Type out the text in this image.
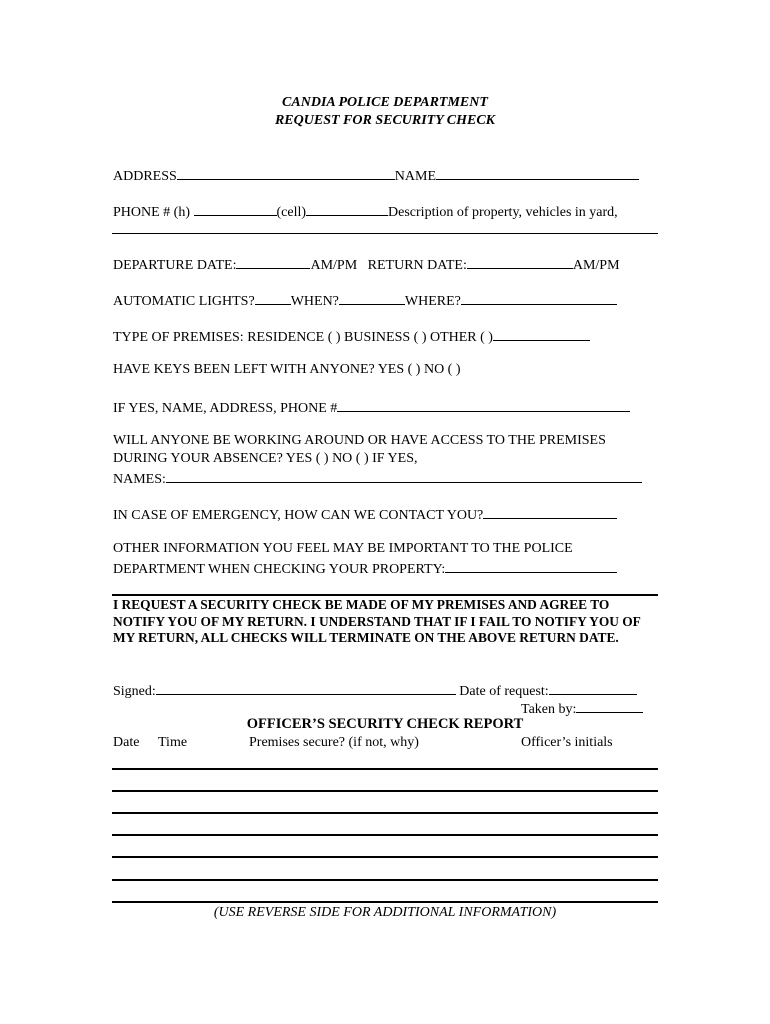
CANDIA POLICE DEPARTMENT
REQUEST FOR SECURITY CHECK
ADDRESS	NAME
PHONE # (h)	(cell)	Description of property, vehicles in yard,
DEPARTURE DATE:	AM/PM RETURN DATE:	AM/PM
AUTOMATIC LIGHTS?	WHEN?	WHERE?
TYPE OF PREMISES: RESIDENCE ( ) BUSINESS ( ) OTHER ( )
HAVE KEYS BEEN LEFT WITH ANYONE? YES ( ) NO ( )
IF YES, NAME, ADDRESS, PHONE #
WILL ANYONE BE WORKING AROUND OR HAVE ACCESS TO THE PREMISES
DURING YOUR ABSENCE? YES ( ) NO ( ) IF YES,
NAMES:
IN CASE OF EMERGENCY, HOW CAN WE CONTACT YOU?
OTHER INFORMATION YOU FEEL MAY BE IMPORTANT TO THE POLICE
DEPARTMENT WHEN CHECKING YOUR PROPERTY:
I REQUEST A SECURITY CHECK BE MADE OF MY PREMISES AND AGREE TO NOTIFY YOU OF MY RETURN. I UNDERSTAND THAT IF I FAIL TO NOTIFY YOU OF MY RETURN, ALL CHECKS WILL TERMINATE ON THE ABOVE RETURN DATE.
Signed:	Date of request:
Taken by:
OFFICER’S SECURITY CHECK REPORT
Date Time	Premises secure? (if not, why)	Officer’s initials
(USE REVERSE SIDE FOR ADDITIONAL INFORMATION)
